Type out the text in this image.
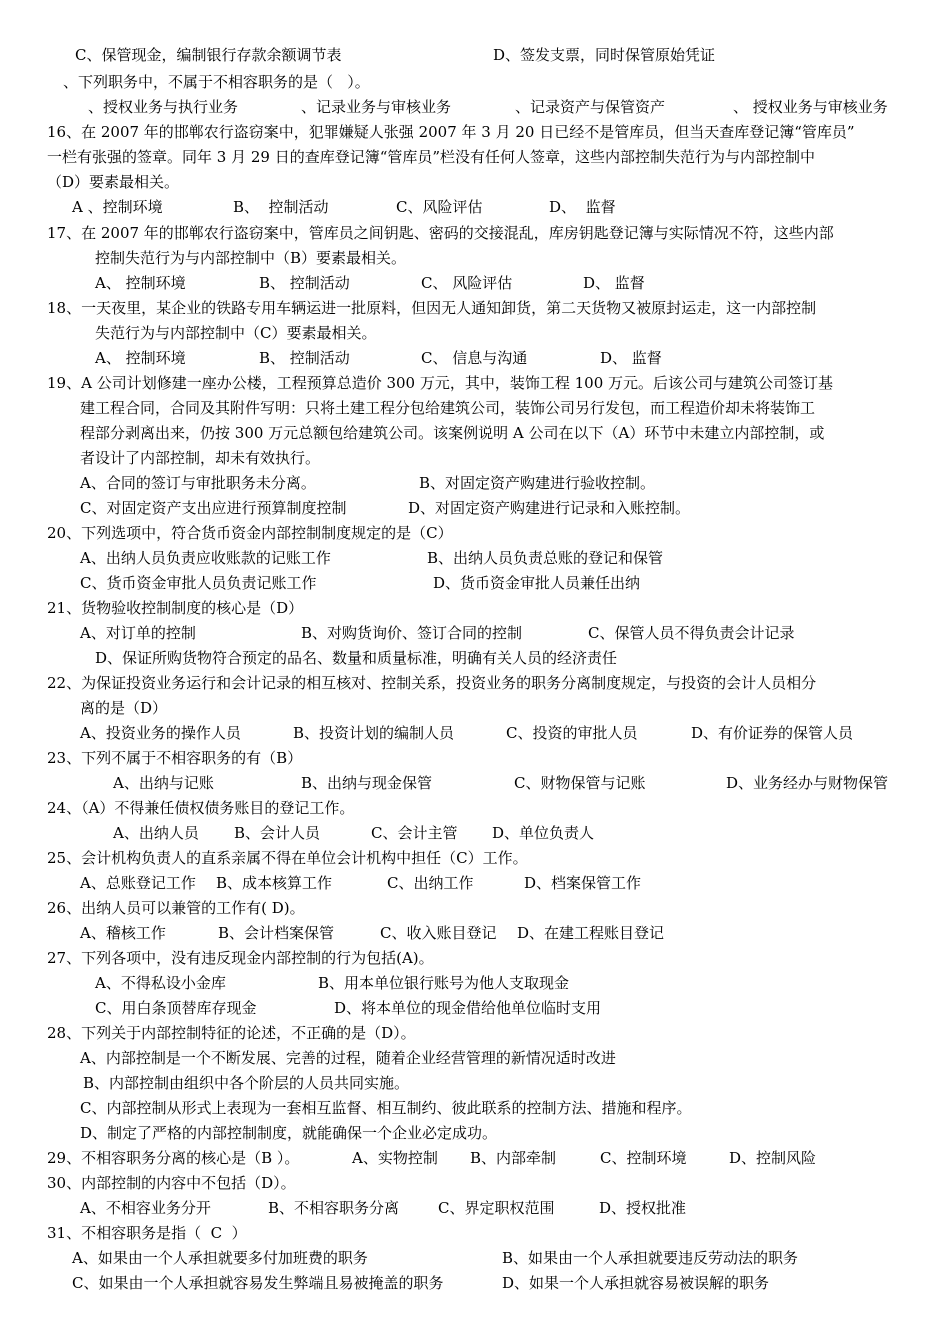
C、保管现金，编制银行存款余额调节表	D、签发支票，同时保管原始凭证
、下列职务中，不属于不相容职务的是（   ）。
、授权业务与执行业务	、记录业务与审核业务	、记录资产与保管资产	、 授权业务与审核业务
16、在 2007 年的邯郸农行盗窃案中，犯罪嫌疑人张强 2007 年 3 月 20 日已经不是管库员，但当天查库登记簿“管库员”
一栏有张强的签章。同年 3 月 29 日的查库登记簿“管库员”栏没有任何人签章，这些内部控制失范行为与内部控制中
（D）要素最相关。
A 、控制环境	B、  控制活动	C、风险评估	D、  监督
17、在 2007 年的邯郸农行盗窃案中，管库员之间钥匙、密码的交接混乱，库房钥匙登记簿与实际情况不符，这些内部
控制失范行为与内部控制中（B）要素最相关。
A、 控制环境	B、 控制活动	C、 风险评估	D、 监督
18、一天夜里，某企业的铁路专用车辆运进一批原料，但因无人通知卸货，第二天货物又被原封运走，这一内部控制
失范行为与内部控制中（C）要素最相关。
A、 控制环境	B、 控制活动	C、 信息与沟通	D、 监督
19、A 公司计划修建一座办公楼，工程预算总造价 300 万元，其中，装饰工程 100 万元。后该公司与建筑公司签订基
建工程合同，合同及其附件写明：只将土建工程分包给建筑公司，装饰公司另行发包，而工程造价却未将装饰工
程部分剥离出来，仍按 300 万元总额包给建筑公司。该案例说明 A 公司在以下（A）环节中未建立内部控制，或
者设计了内部控制，却未有效执行。
A、合同的签订与审批职务未分离。	B、对固定资产购建进行验收控制。
C、对固定资产支出应进行预算制度控制	D、对固定资产购建进行记录和入账控制。
20、下列选项中，符合货币资金内部控制制度规定的是（C）
A、出纳人员负责应收账款的记账工作	B、出纳人员负责总账的登记和保管
C、货币资金审批人员负责记账工作	D、货币资金审批人员兼任出纳
21、货物验收控制制度的核心是（D）
A、对订单的控制	B、对购货询价、签订合同的控制	C、保管人员不得负责会计记录
D、保证所购货物符合预定的品名、数量和质量标准，明确有关人员的经济责任
22、为保证投资业务运行和会计记录的相互核对、控制关系，投资业务的职务分离制度规定，与投资的会计人员相分
离的是（D）
A、投资业务的操作人员	B、投资计划的编制人员	C、投资的审批人员	D、有价证券的保管人员
23、下列不属于不相容职务的有（B）
A、出纳与记账	B、出纳与现金保管	C、财物保管与记账	D、业务经办与财物保管
24、（A）不得兼任债权债务账目的登记工作。
A、出纳人员 B、会计人员	C、会计主管 D、单位负责人
25、会计机构负责人的直系亲属不得在单位会计机构中担任（C）工作。
A、总账登记工作 B、成本核算工作	C、出纳工作	D、档案保管工作
26、出纳人员可以兼管的工作有( D)。
A、稽核工作	B、会计档案保管	C、收入账目登记 D、在建工程账目登记
27、下列各项中，没有违反现金内部控制的行为包括(A)。
A、不得私设小金库	B、用本单位银行账号为他人支取现金
C、用白条顶替库存现金	D、将本单位的现金借给他单位临时支用
28、下列关于内部控制特征的论述，不正确的是（D）。
A、内部控制是一个不断发展、完善的过程，随着企业经营管理的新情况适时改进
B、内部控制由组织中各个阶层的人员共同实施。
C、内部控制从形式上表现为一套相互监督、相互制约、彼此联系的控制方法、措施和程序。
D、制定了严格的内部控制制度，就能确保一个企业必定成功。
29、不相容职务分离的核心是（B ）。	A、实物控制 B、内部牵制	C、控制环境	D、控制风险
30、内部控制的内容中不包括（D）。
A、不相容业务分开	B、不相容职务分离	C、界定职权范围	D、授权批准
31、不相容职务是指（  C  ）
A、如果由一个人承担就要多付加班费的职务	B、如果由一个人承担就要违反劳动法的职务
C、如果由一个人承担就容易发生弊端且易被掩盖的职务	D、如果一个人承担就容易被误解的职务
